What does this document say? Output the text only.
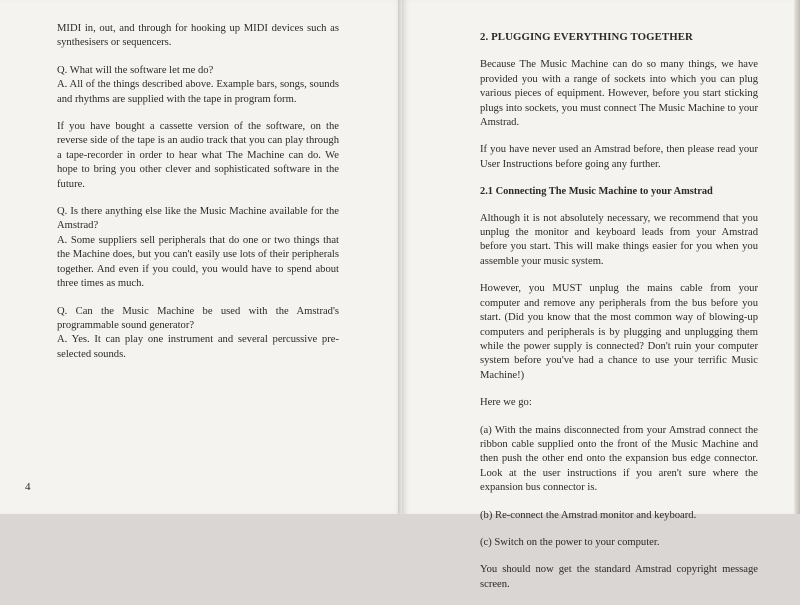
MIDI in, out, and through for hooking up MIDI devices such as synthesisers or sequencers.

Q. What will the software let me do?
A. All of the things described above. Example bars, songs, sounds and rhythms are supplied with the tape in program form.

If you have bought a cassette version of the software, on the reverse side of the tape is an audio track that you can play through a tape-recorder in order to hear what The Machine can do. We hope to bring you other clever and sophisticated software in the future.

Q. Is there anything else like the Music Machine available for the Amstrad?
A. Some suppliers sell peripherals that do one or two things that the Machine does, but you can't easily use lots of their peripherals together. And even if you could, you would have to spend about three times as much.
Q. Can the Music Machine be used with the Amstrad's programmable sound generator?
A. Yes. It can play one instrument and several percussive pre-selected sounds.
4
2. PLUGGING EVERYTHING TOGETHER

Because The Music Machine can do so many things, we have provided you with a range of sockets into which you can plug various pieces of equipment. However, before you start sticking plugs into sockets, you must connect The Music Machine to your Amstrad.

If you have never used an Amstrad before, then please read your User Instructions before going any further.

2.1 Connecting The Music Machine to your Amstrad

Although it is not absolutely necessary, we recommend that you unplug the monitor and keyboard leads from your Amstrad before you start. This will make things easier for you when you assemble your music system.

However, you MUST unplug the mains cable from your computer and remove any peripherals from the bus before you start. (Did you know that the most common way of blowing-up computers and peripherals is by plugging and unplugging them while the power supply is connected? Don't ruin your computer system before you've had a chance to use your terrific Music Machine!)

Here we go:

(a) With the mains disconnected from your Amstrad connect the ribbon cable supplied onto the front of the Music Machine and then push the other end onto the expansion bus edge connector. Look at the user instructions if you aren't sure where the expansion bus connector is.

(b) Re-connect the Amstrad monitor and keyboard.

(c) Switch on the power to your computer.

You should now get the standard Amstrad copyright message screen.
